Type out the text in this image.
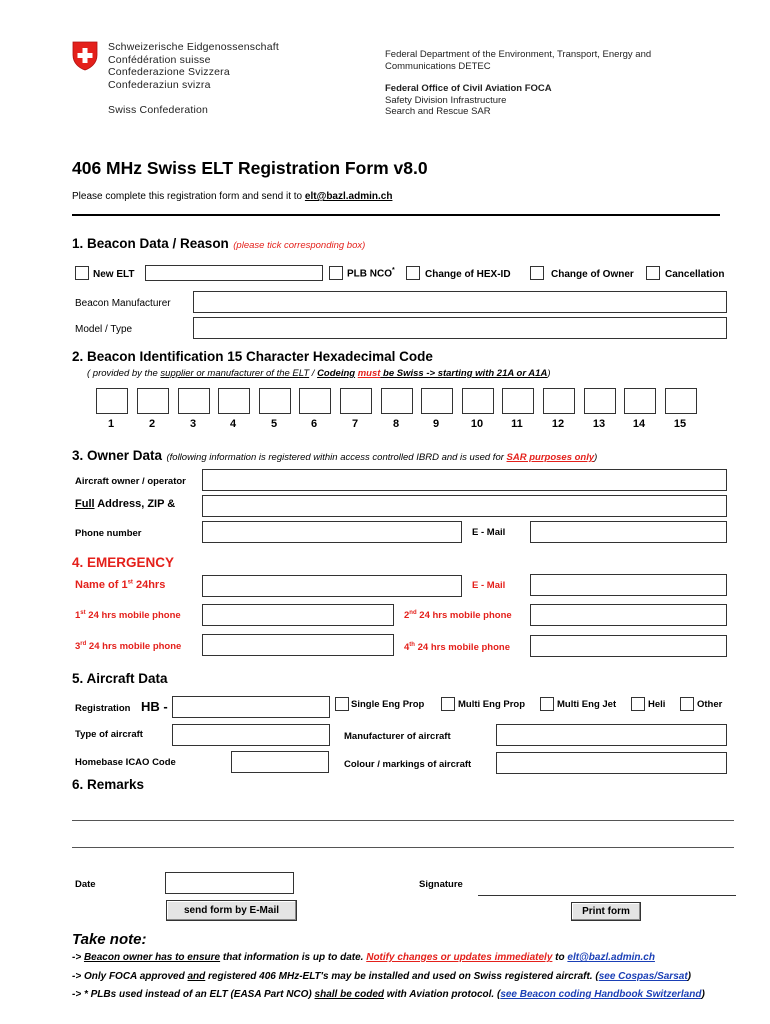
Schweizerische Eidgenossenschaft
Confédération suisse
Confederazione Svizzera
Confederaziun svizra
Swiss Confederation
Federal Department of the Environment, Transport, Energy and
Communications DETEC
Federal Office of Civil Aviation FOCA
Safety Division Infrastructure
Search and Rescue SAR
406 MHz Swiss ELT Registration Form v8.0
Please complete this registration form and send it to elt@bazl.admin.ch
1. Beacon Data / Reason (please tick corresponding box)
New ELT	PLB NCO*	Change of HEX-ID	Change of Owner	Cancellation
Beacon Manufacturer
Model / Type
2. Beacon Identification 15 Character Hexadecimal Code
( provided by the supplier or manufacturer of the ELT / Codeing must be Swiss -> starting with 21A or A1A)
1	2	3	4	5	6	7	8	9	10	11	12	13	14	15
3. Owner Data (following information is registered within access controlled IBRD and is used for SAR purposes only)
Aircraft owner / operator
Full Address, ZIP &
Phone number	E - Mail
4. EMERGENCY
Name of 1st 24hrs	E - Mail
1st 24 hrs mobile phone	2nd 24 hrs mobile phone
3rd 24 hrs mobile phone	4th 24 hrs mobile phone
5. Aircraft Data
Registration HB -	Single Eng Prop	Multi Eng Prop	Multi Eng Jet	Heli	Other
Type of aircraft	Manufacturer of aircraft
Homebase ICAO Code	Colour / markings of aircraft
6. Remarks
Date	Signature
send form by E-Mail	Print form
Take note:
-> Beacon owner has to ensure that information is up to date. Notify changes or updates immediately to elt@bazl.admin.ch
-> Only FOCA approved and registered 406 MHz-ELT's may be installed and used on Swiss registered aircraft. (see Cospas/Sarsat)
-> * PLBs used instead of an ELT (EASA Part NCO) shall be coded with Aviation protocol. (see Beacon coding Handbook Switzerland)
